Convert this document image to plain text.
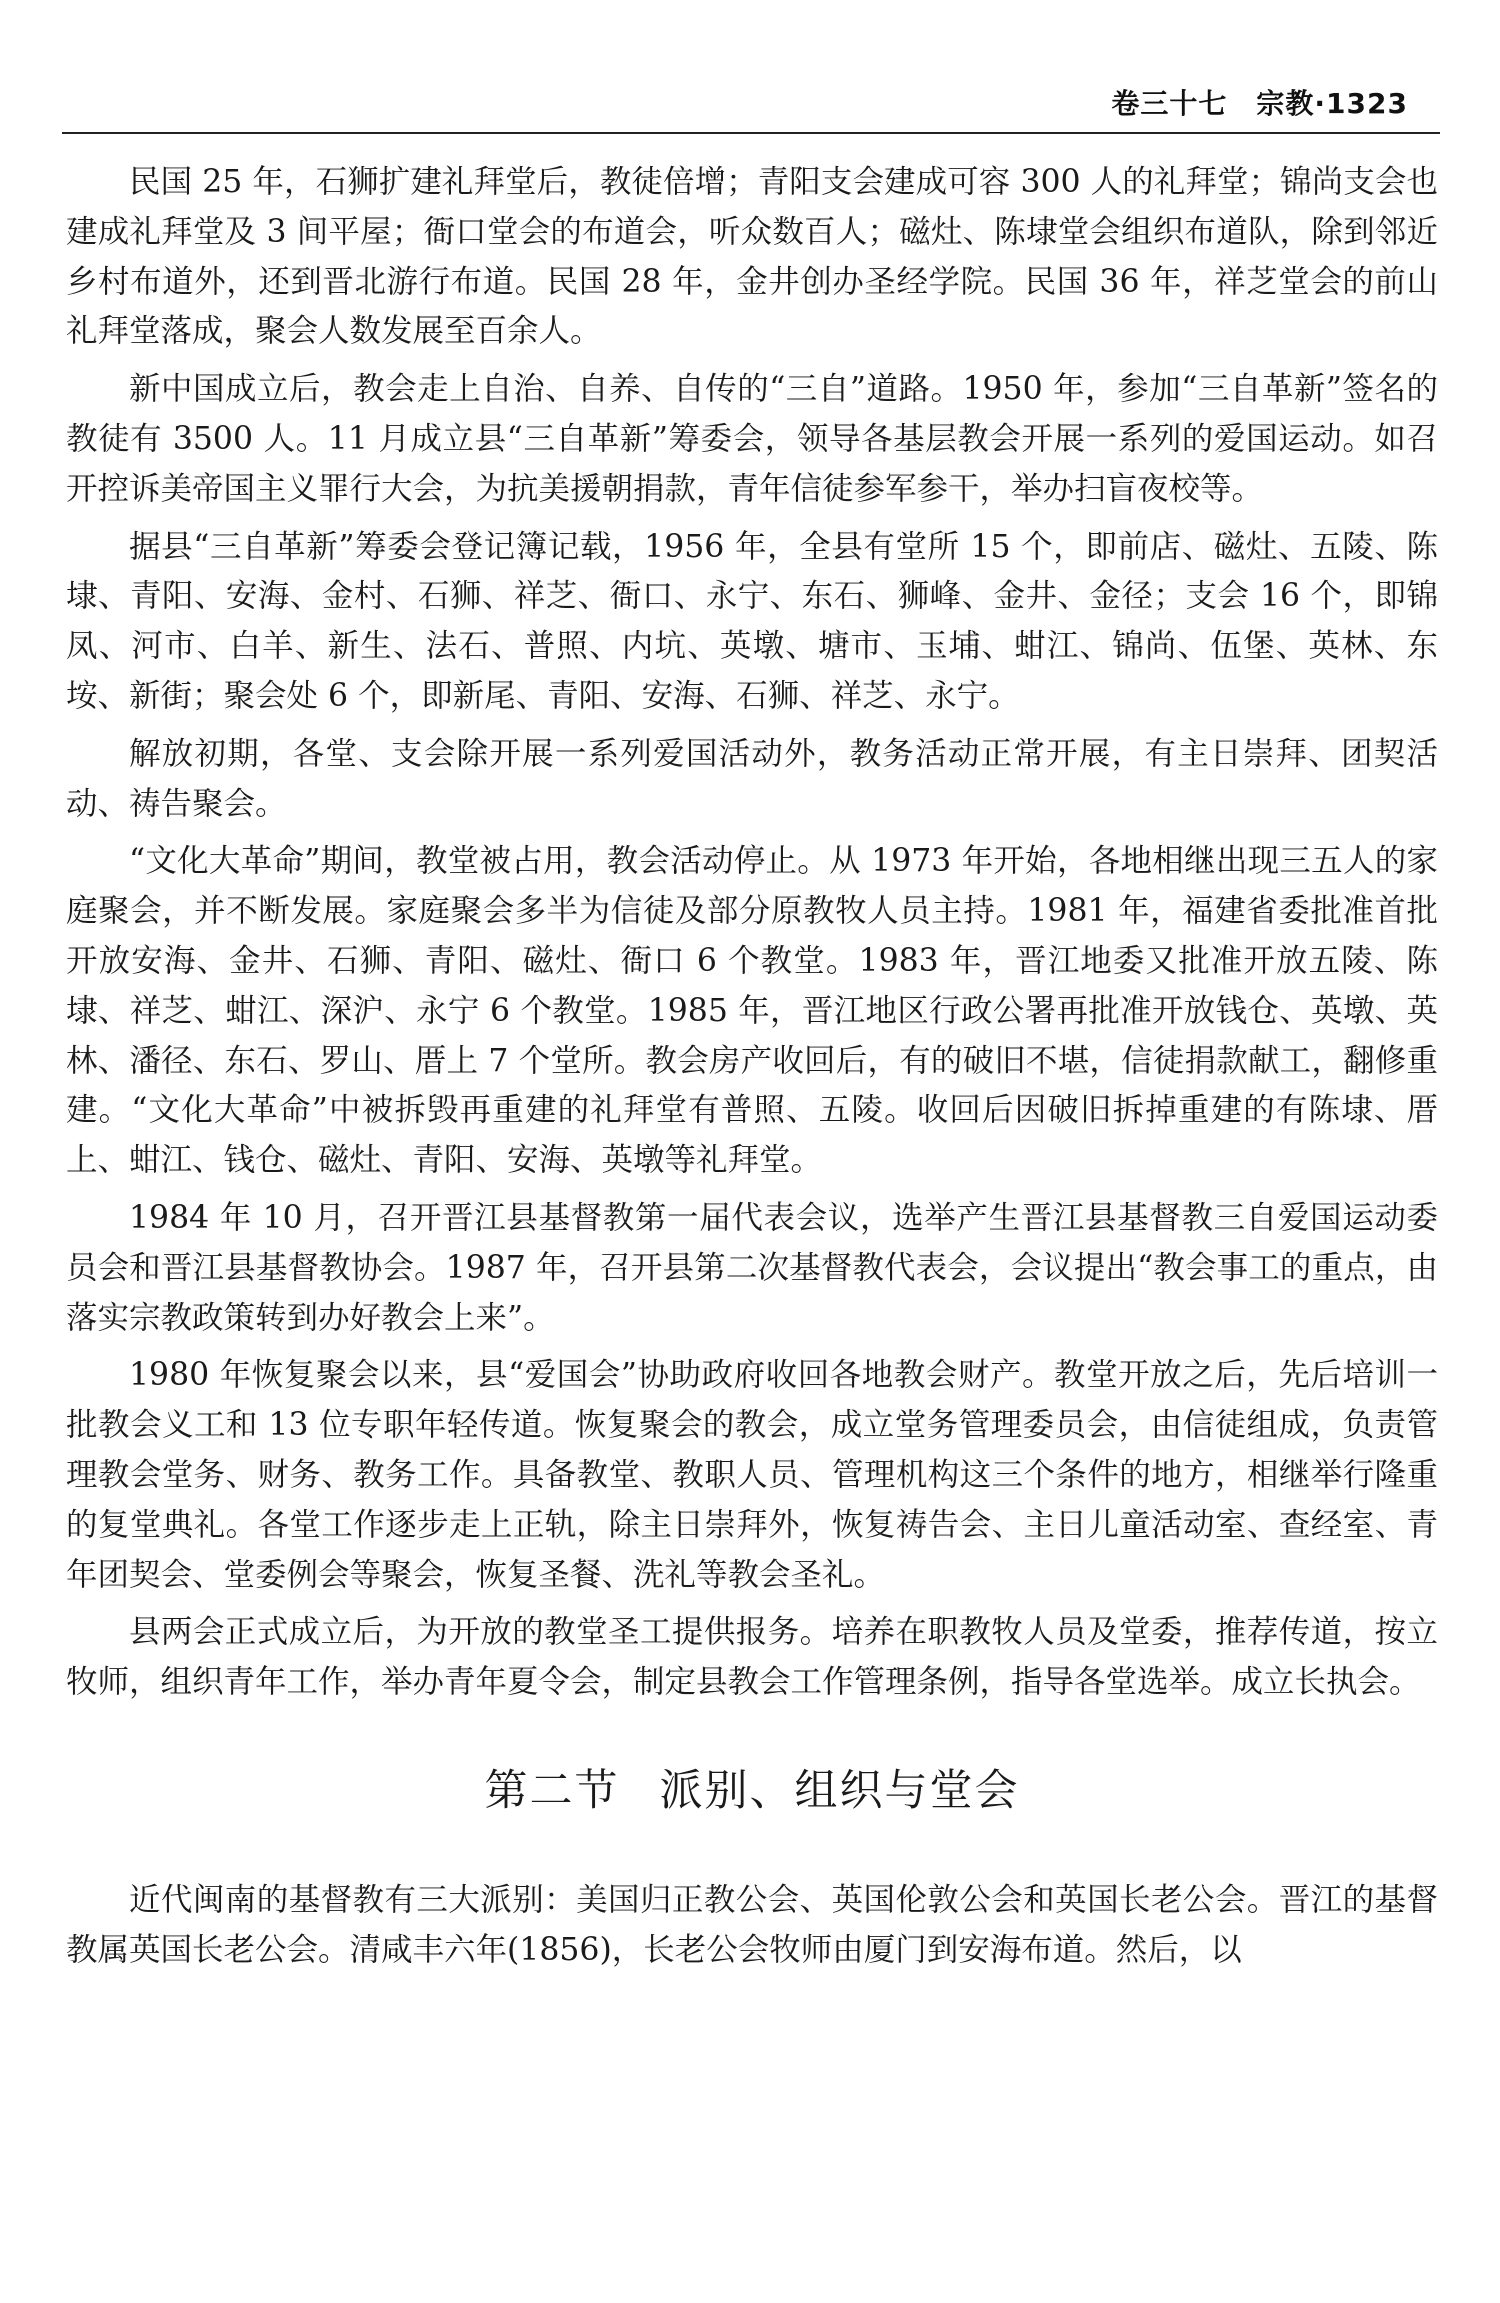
卷三十七　宗教·1323

民国 25 年，石狮扩建礼拜堂后，教徒倍增；青阳支会建成可容 300 人的礼拜堂；锦尚支会也建成礼拜堂及 3 间平屋；衙口堂会的布道会，听众数百人；磁灶、陈埭堂会组织布道队，除到邻近乡村布道外，还到晋北游行布道。民国 28 年，金井创办圣经学院。民国 36 年，祥芝堂会的前山礼拜堂落成，聚会人数发展至百余人。

新中国成立后，教会走上自治、自养、自传的“三自”道路。1950 年，参加“三自革新”签名的教徒有 3500 人。11 月成立县“三自革新”筹委会，领导各基层教会开展一系列的爱国运动。如召开控诉美帝国主义罪行大会，为抗美援朝捐款，青年信徒参军参干，举办扫盲夜校等。

据县“三自革新”筹委会登记簿记载，1956 年，全县有堂所 15 个，即前店、磁灶、五陵、陈埭、青阳、安海、金村、石狮、祥芝、衙口、永宁、东石、狮峰、金井、金径；支会 16 个，即锦凤、河市、白羊、新生、法石、普照、内坑、英墩、塘市、玉埔、蚶江、锦尚、伍堡、英林、东垵、新街；聚会处 6 个，即新尾、青阳、安海、石狮、祥芝、永宁。

解放初期，各堂、支会除开展一系列爱国活动外，教务活动正常开展，有主日崇拜、团契活动、祷告聚会。

“文化大革命”期间，教堂被占用，教会活动停止。从 1973 年开始，各地相继出现三五人的家庭聚会，并不断发展。家庭聚会多半为信徒及部分原教牧人员主持。1981 年，福建省委批准首批开放安海、金井、石狮、青阳、磁灶、衙口 6 个教堂。1983 年，晋江地委又批准开放五陵、陈埭、祥芝、蚶江、深沪、永宁 6 个教堂。1985 年，晋江地区行政公署再批准开放钱仓、英墩、英林、潘径、东石、罗山、厝上 7 个堂所。教会房产收回后，有的破旧不堪，信徒捐款献工，翻修重建。“文化大革命”中被拆毁再重建的礼拜堂有普照、五陵。收回后因破旧拆掉重建的有陈埭、厝上、蚶江、钱仓、磁灶、青阳、安海、英墩等礼拜堂。

1984 年 10 月，召开晋江县基督教第一届代表会议，选举产生晋江县基督教三自爱国运动委员会和晋江县基督教协会。1987 年，召开县第二次基督教代表会，会议提出“教会事工的重点，由落实宗教政策转到办好教会上来”。

1980 年恢复聚会以来，县“爱国会”协助政府收回各地教会财产。教堂开放之后，先后培训一批教会义工和 13 位专职年轻传道。恢复聚会的教会，成立堂务管理委员会，由信徒组成，负责管理教会堂务、财务、教务工作。具备教堂、教职人员、管理机构这三个条件的地方，相继举行隆重的复堂典礼。各堂工作逐步走上正轨，除主日崇拜外，恢复祷告会、主日儿童活动室、查经室、青年团契会、堂委例会等聚会，恢复圣餐、洗礼等教会圣礼。

县两会正式成立后，为开放的教堂圣工提供报务。培养在职教牧人员及堂委，推荐传道，按立牧师，组织青年工作，举办青年夏令会，制定县教会工作管理条例，指导各堂选举。成立长执会。

第二节 派别、组织与堂会

近代闽南的基督教有三大派别：美国归正教公会、英国伦敦公会和英国长老公会。晋江的基督教属英国长老公会。清咸丰六年(1856)，长老公会牧师由厦门到安海布道。然后，以
